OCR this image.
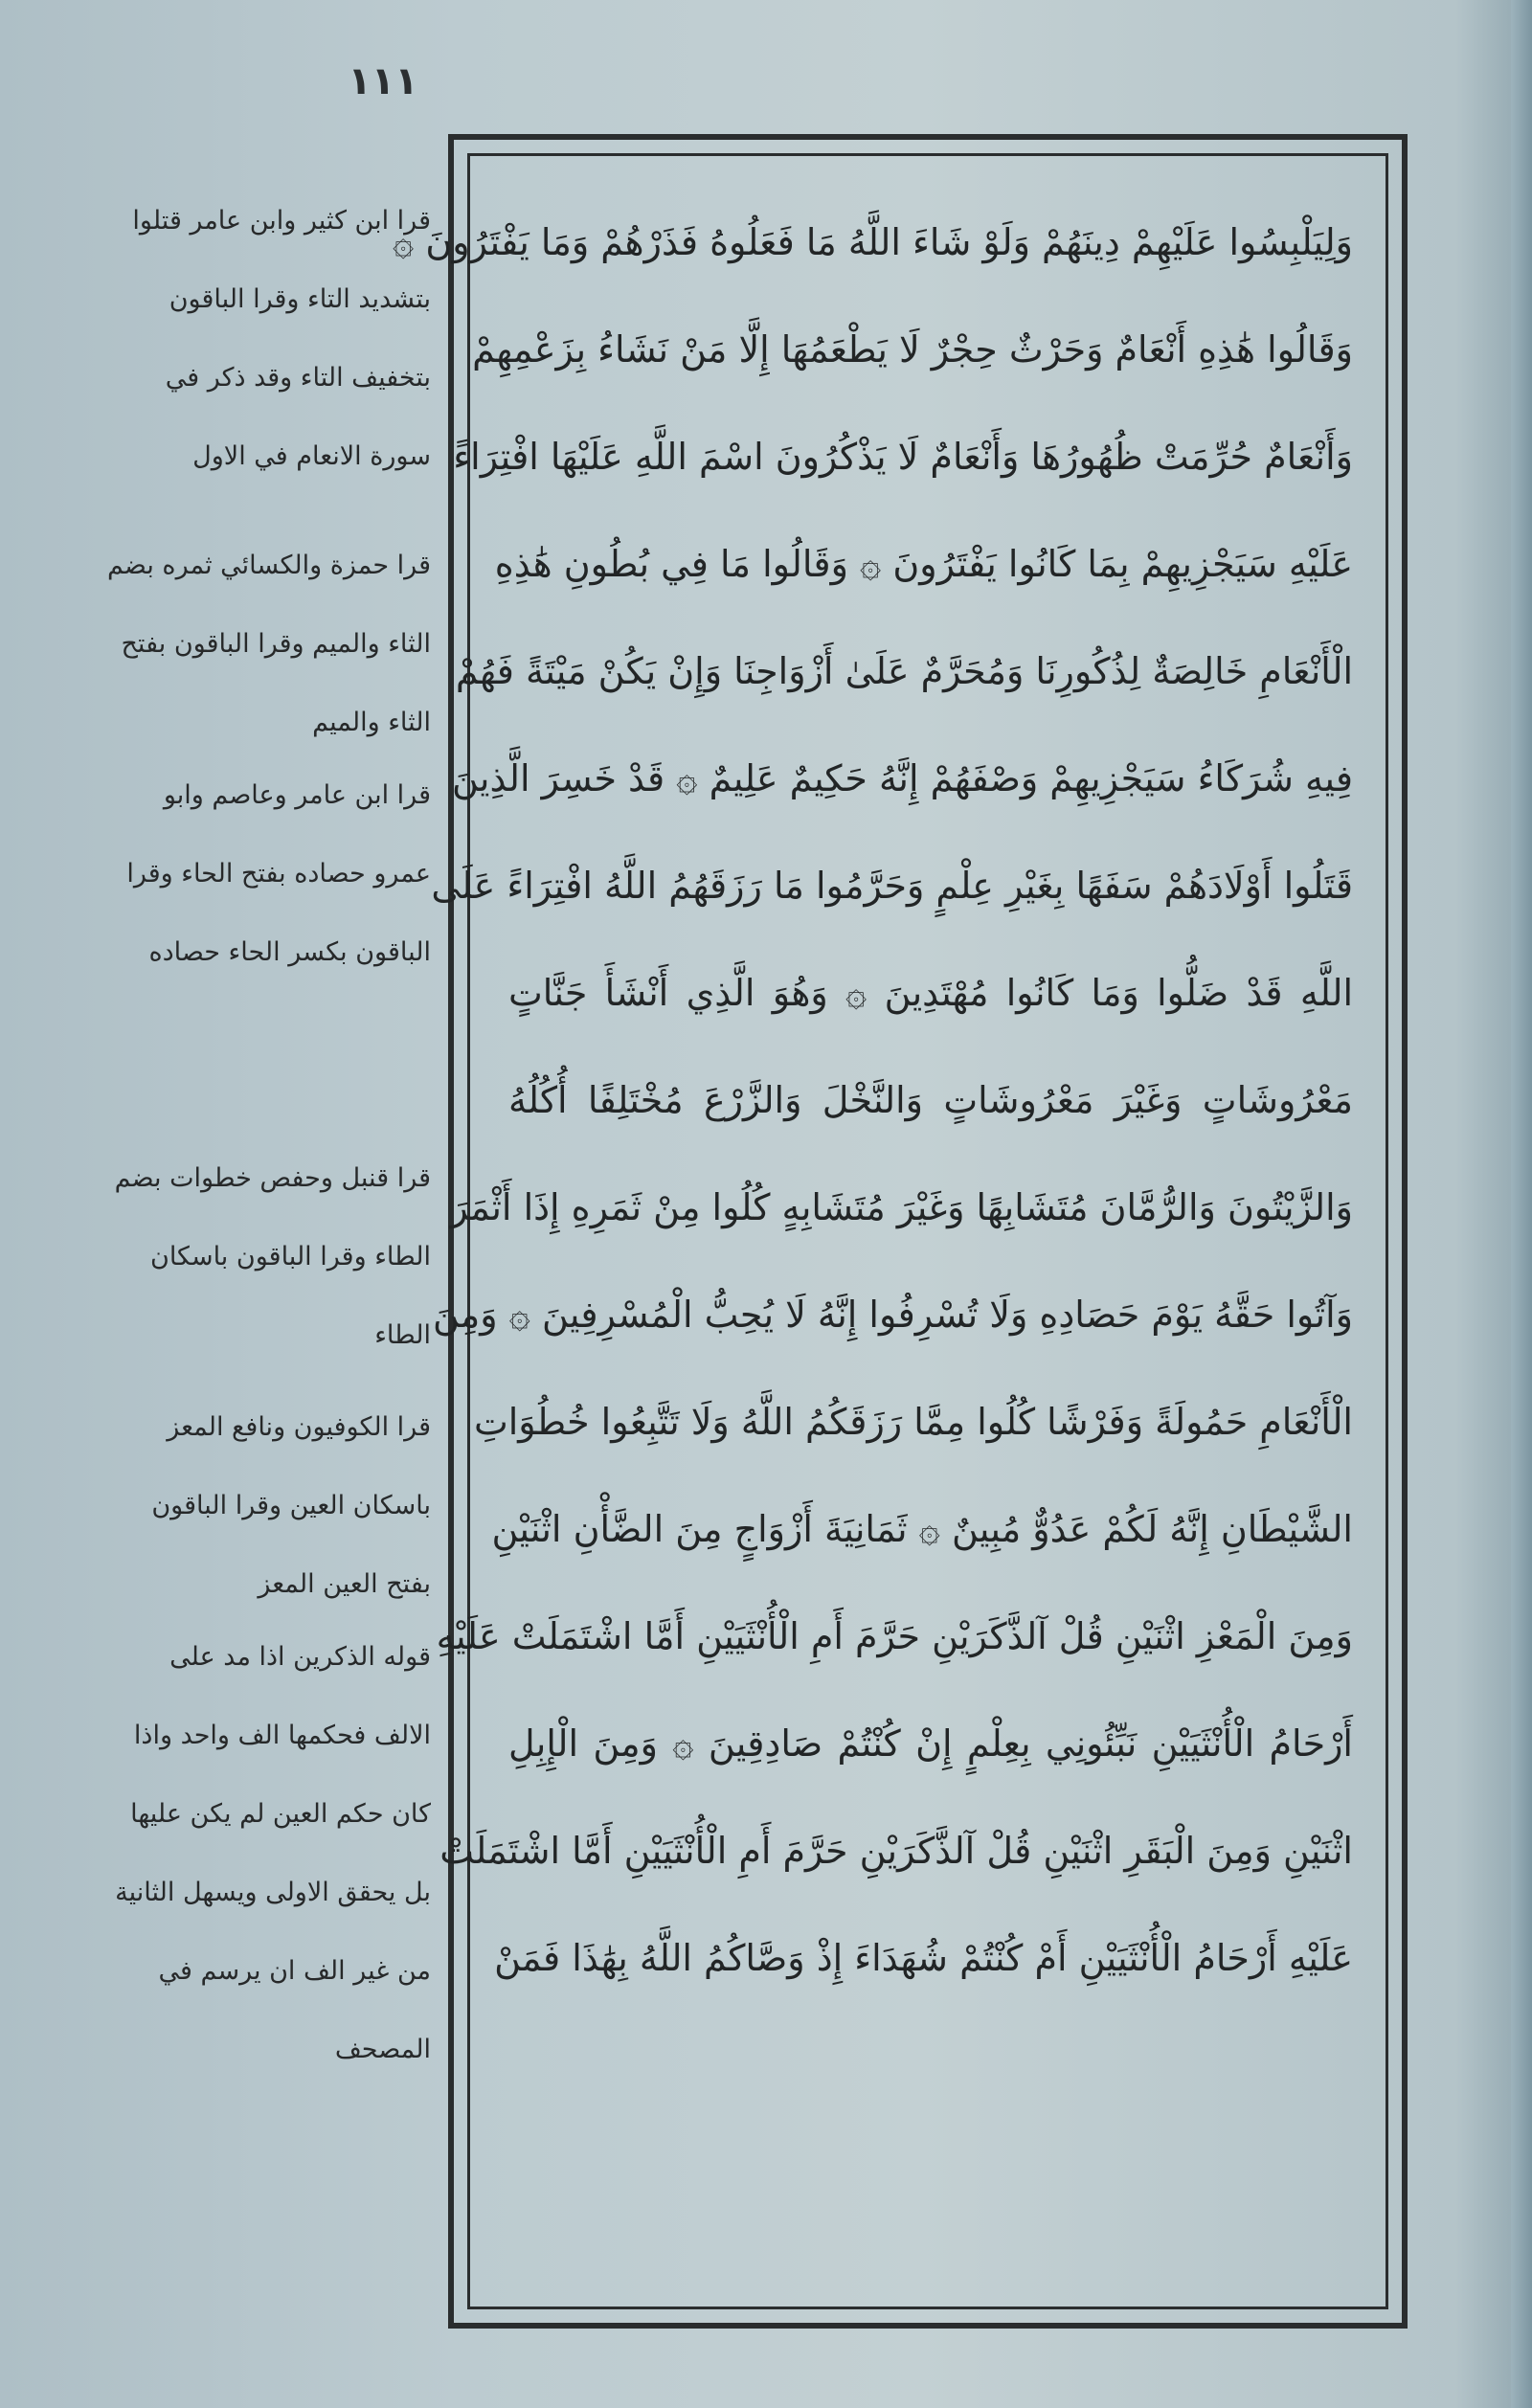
١١١
قرا ابن كثير وابن عامر قتلوا
بتشديد التاء وقرا الباقون
بتخفيف التاء وقد ذكر في
سورة الانعام في الاول
قرا حمزة والكسائي ثمره بضم
الثاء والميم وقرا الباقون بفتح
الثاء والميم
قرا ابن عامر وعاصم وابو
عمرو حصاده بفتح الحاء وقرا
الباقون بكسر الحاء حصاده
قرا قنبل وحفص خطوات بضم
الطاء وقرا الباقون باسكان
الطاء
قرا الكوفيون ونافع المعز
باسكان العين وقرا الباقون
بفتح العين المعز
قوله الذكرين اذا مد على
الالف فحكمها الف واحد واذا
كان حكم العين لم يكن عليها
بل يحقق الاولى ويسهل الثانية
من غير الف ان يرسم في
المصحف
وَلِيَلْبِسُوا عَلَيْهِمْ دِينَهُمْ وَلَوْ شَاءَ اللَّهُ مَا فَعَلُوهُ فَذَرْهُمْ وَمَا يَفْتَرُونَ ۞
وَقَالُوا هَٰذِهِ أَنْعَامٌ وَحَرْثٌ حِجْرٌ لَا يَطْعَمُهَا إِلَّا مَنْ نَشَاءُ بِزَعْمِهِمْ
وَأَنْعَامٌ حُرِّمَتْ ظُهُورُهَا وَأَنْعَامٌ لَا يَذْكُرُونَ اسْمَ اللَّهِ عَلَيْهَا افْتِرَاءً
عَلَيْهِ سَيَجْزِيهِمْ بِمَا كَانُوا يَفْتَرُونَ ۞ وَقَالُوا مَا فِي بُطُونِ هَٰذِهِ
الْأَنْعَامِ خَالِصَةٌ لِذُكُورِنَا وَمُحَرَّمٌ عَلَىٰ أَزْوَاجِنَا وَإِنْ يَكُنْ مَيْتَةً فَهُمْ
فِيهِ شُرَكَاءُ سَيَجْزِيهِمْ وَصْفَهُمْ إِنَّهُ حَكِيمٌ عَلِيمٌ ۞ قَدْ خَسِرَ الَّذِينَ
قَتَلُوا أَوْلَادَهُمْ سَفَهًا بِغَيْرِ عِلْمٍ وَحَرَّمُوا مَا رَزَقَهُمُ اللَّهُ افْتِرَاءً عَلَى
اللَّهِ قَدْ ضَلُّوا وَمَا كَانُوا مُهْتَدِينَ ۞ وَهُوَ الَّذِي أَنْشَأَ جَنَّاتٍ
مَعْرُوشَاتٍ وَغَيْرَ مَعْرُوشَاتٍ وَالنَّخْلَ وَالزَّرْعَ مُخْتَلِفًا أُكُلُهُ
وَالزَّيْتُونَ وَالرُّمَّانَ مُتَشَابِهًا وَغَيْرَ مُتَشَابِهٍ كُلُوا مِنْ ثَمَرِهِ إِذَا أَثْمَرَ
وَآتُوا حَقَّهُ يَوْمَ حَصَادِهِ وَلَا تُسْرِفُوا إِنَّهُ لَا يُحِبُّ الْمُسْرِفِينَ ۞ وَمِنَ
الْأَنْعَامِ حَمُولَةً وَفَرْشًا كُلُوا مِمَّا رَزَقَكُمُ اللَّهُ وَلَا تَتَّبِعُوا خُطُوَاتِ
الشَّيْطَانِ إِنَّهُ لَكُمْ عَدُوٌّ مُبِينٌ ۞ ثَمَانِيَةَ أَزْوَاجٍ مِنَ الضَّأْنِ اثْنَيْنِ
وَمِنَ الْمَعْزِ اثْنَيْنِ قُلْ آلذَّكَرَيْنِ حَرَّمَ أَمِ الْأُنْثَيَيْنِ أَمَّا اشْتَمَلَتْ عَلَيْهِ
أَرْحَامُ الْأُنْثَيَيْنِ نَبِّئُونِي بِعِلْمٍ إِنْ كُنْتُمْ صَادِقِينَ ۞ وَمِنَ الْإِبِلِ
اثْنَيْنِ وَمِنَ الْبَقَرِ اثْنَيْنِ قُلْ آلذَّكَرَيْنِ حَرَّمَ أَمِ الْأُنْثَيَيْنِ أَمَّا اشْتَمَلَتْ
عَلَيْهِ أَرْحَامُ الْأُنْثَيَيْنِ أَمْ كُنْتُمْ شُهَدَاءَ إِذْ وَصَّاكُمُ اللَّهُ بِهَٰذَا فَمَنْ
